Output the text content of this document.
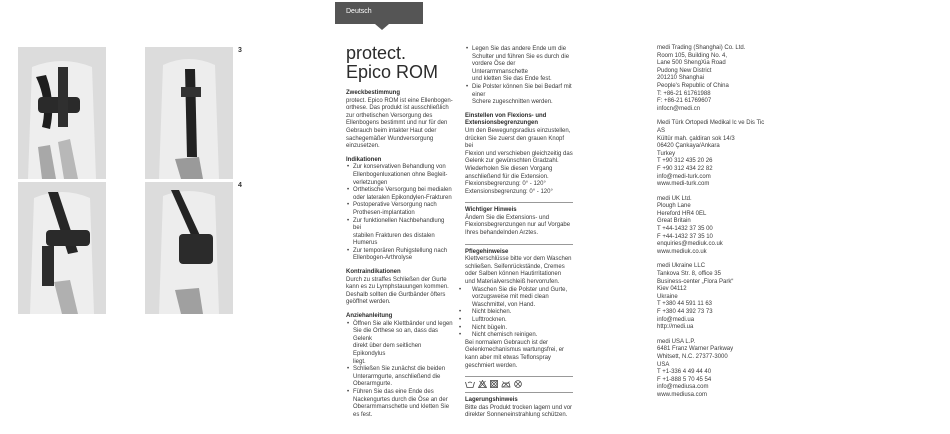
Deutsch
3
4
protect.
Epico ROM
Zweckbestimmung

protect. Epico ROM ist eine Ellenbogen-
orthese. Das produkt ist ausschließlich
zur orthetischen Versorgung des
Ellenbogens bestimmt und nur für den
Gebrauch beim intakter Haut oder
sachegemäßer Wundversorgung
einzusetzen.

Indikationen
• Zur konservativen Behandlung von
Ellenbogenluxationen ohne Begleit-
verletzungen
• Orthetische Versorgung bei medialen
oder lateralen Epikondylen-Frakturen
• Postoperative Versorgung nach
Prothesen-implantation
• Zur funktionellen Nachbehandlung bei
stabilen Frakturen des distalen
Humerus
• Zur temporären Ruhigstellung nach
Ellenbogen-Arthrolyse
Kontraindikationen

Durch zu straffes Schließen der Gurte
kann es zu Lymphstauungen kommen.
Deshalb sollten die Gurtbänder öfters
geöffnet werden.

Anziehanleitung
• Öffnen Sie alle Klettbänder und legen
Sie die Orthese so an, dass das Gelenk
direkt über dem seitlichen Epikondylus
liegt.
• Schließen Sie zunächst die beiden
Unterarmgurte, anschließend die
Oberarmgurte.
• Führen Sie das eine Ende des
Nackengurtes durch die Öse an der
Oberarmmanschette und kletten Sie
es fest.
• Legen Sie das andere Ende um die
Schulter und führen Sie es durch die
vordere Öse der Unterarmmanschette
und kletten Sie das Ende fest.
• Die Polster können Sie bei Bedarf mit einer
Schere zugeschnitten werden.
Einstellen von Flexions- und
Extensionsbegrenzungen

Um den Bewegungsradius einzustellen,
drücken Sie zuerst den grauen Knopf bei
Flexion und verschieben gleichzeitig das
Gelenk zur gewünschten Gradzahl.
Wiederholen Sie diesen Vorgang
anschließend für die Extension.
Flexionsbegrenzung: 0° - 120°
Extensionsbegrenzung: 0° - 120°

Wichtiger Hinweis

Ändern Sie die Extensions- und
Flexionsbegrenzungen nur auf Vorgabe
Ihres behandelnden Arztes.

Pflegehinweise

Klettverschlüsse bitte vor dem Waschen
schließen. Seifenrückstände, Cremes
oder Salben können Hautirritationen
und Materialverschleiß hervorrufen.

• Waschen Sie die Polster und Gurte,
vorzugsweise mit medi clean
Waschmittel, von Hand.
• Nicht bleichen.
• Lufttrocknen.
• Nicht bügeln.
• Nicht chemisch reinigen.

Bei normalem Gebrauch ist der
Gelenkmechanismus wartungsfrei, er
kann aber mit etwas Teflonspray
geschmiert werden.

Lagerungshinweis

Bitte das Produkt trocken lagern und vor
direkter Sonneneinstrahlung schützen.

medi Trading (Shanghai) Co. Ltd.

Room 105, Building No. 4,

Lane 500 ShengXia Road

Pudong New District

201210 Shanghai

People's Republic of China

T: +86-21 61761988

F: +86-21 61769607

infocn@medi.cn

Medi Türk Ortopedi Medikal lc ve Dis Tic

AS

Kültür mah. çaldiran sok 14/3

06420 Çankaya/Ankara

Turkey

T +90 312 435 20 26

F +90 312 434 22 82

info@medi-turk.com

www.medi-turk.com

medi UK Ltd.

Plough Lane

Hereford HR4 0EL

Great Britain

T +44-1432 37 35 00

F +44-1432 37 35 10

enquiries@mediuk.co.uk

www.mediuk.co.uk

medi Ukraine LLC

Tankova Str. 8, office 35

Business-center „Flora Park“

Kiev 04112

Ukraine

T +380 44 591 11 63

F +380 44 392 73 73

info@medi.ua

http://medi.ua

medi USA L.P.

6481 Franz Warner Parkway

Whitsett, N.C. 27377-3000

USA

T +1-336 4 49 44 40

F +1-888 5 70 45 54

info@mediusa.com

www.mediusa.com
